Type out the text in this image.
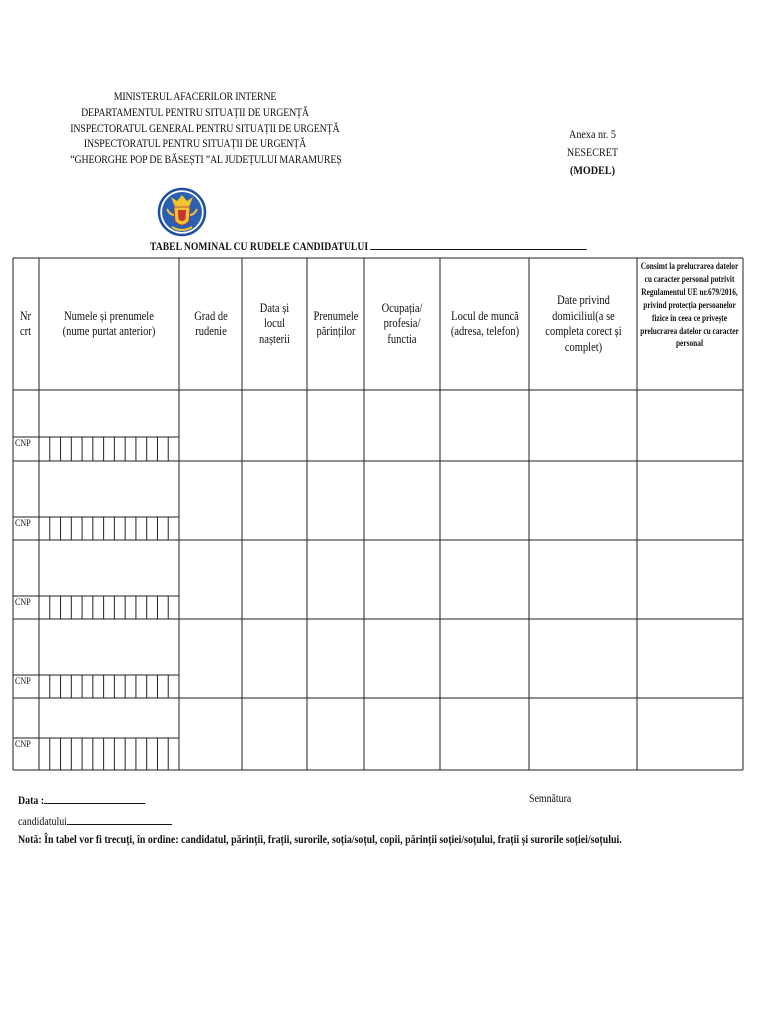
MINISTERUL AFACERILOR INTERNE
DEPARTAMENTUL PENTRU SITUAȚII DE URGENȚĂ
INSPECTORATUL GENERAL PENTRU SITUAȚII DE URGENȚĂ
INSPECTORATUL PENTRU SITUAȚII DE URGENȚĂ
“GHEORGHE POP DE BĂSEȘTI ”AL JUDEȚULUI MARAMUREȘ
Anexa nr. 5
NESECRET
(MODEL)
TABEL NOMINAL CU RUDELE CANDIDATULUI
Nr crt
Numele și prenumele (nume purtat anterior)
Grad de rudenie
Data și locul nașterii
Prenumele părinților
Ocupația/ profesia/ functia
Locul de muncă (adresa, telefon)
Date privind domiciliul(a se completa corect și complet)
Consimt la prelucrarea datelor cu caracter personal potrivit Regulamentul UE nr.679/2016, privind protecția persoanelor fizice în ceea ce privește prelucrarea datelor cu caracter personal
CNP
CNP
CNP
CNP
CNP
Data :	Semnătura
candidatului
Notă: În tabel vor fi trecuți, în ordine: candidatul, părinții, frații, surorile, soția/soțul, copii, părinții soției/soțului, frații și surorile soției/soțului.
